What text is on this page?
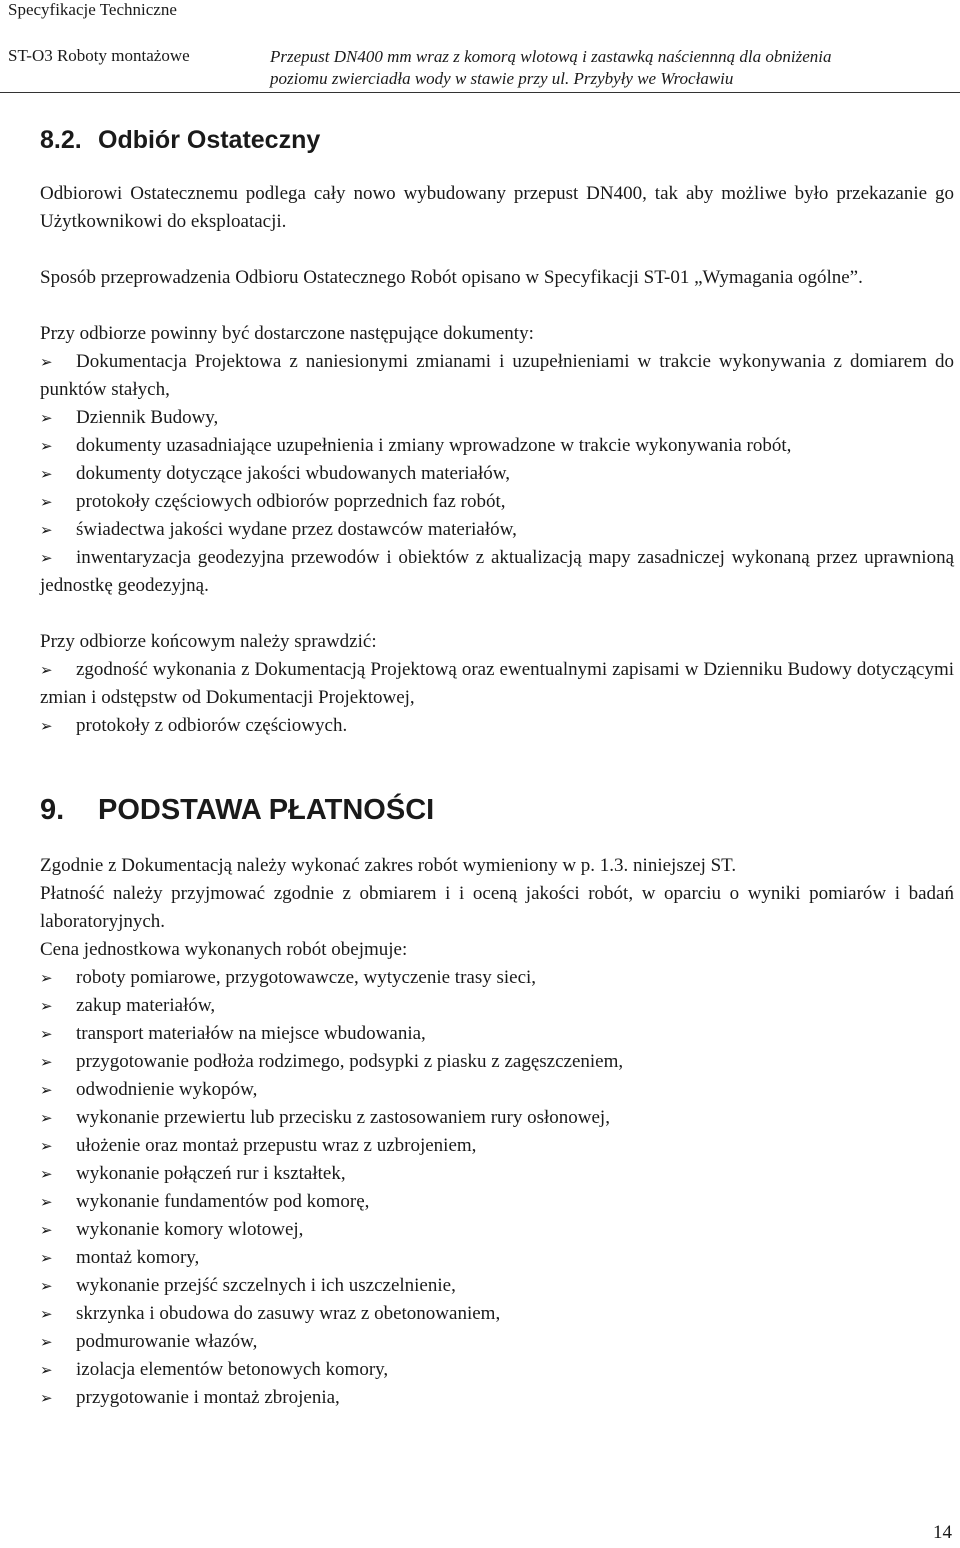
Specyfikacje Techniczne
ST-O3 Roboty montażowe	Przepust DN400 mm wraz z komorą wlotową i zastawką naściennną dla obniżenia
poziomu zwierciadła wody w stawie przy ul. Przybyły we Wrocławiu
8.2. Odbiór Ostateczny

Odbiorowi Ostatecznemu podlega cały nowo wybudowany przepust DN400, tak aby możliwe było przekazanie go Użytkownikowi do eksploatacji.

Sposób przeprowadzenia Odbioru Ostatecznego Robót opisano w Specyfikacji ST-01 „Wymagania ogólne”.

Przy odbiorze powinny być dostarczone następujące dokumenty:

➢ Dokumentacja Projektowa z naniesionymi zmianami i uzupełnieniami w trakcie wykonywania z domiarem do punktów stałych,
➢ Dziennik Budowy,
➢ dokumenty uzasadniające uzupełnienia i zmiany wprowadzone w trakcie wykonywania robót,
➢ dokumenty dotyczące jakości wbudowanych materiałów,
➢ protokoły częściowych odbiorów poprzednich faz robót,
➢ świadectwa jakości wydane przez dostawców materiałów,
➢ inwentaryzacja geodezyjna przewodów i obiektów z aktualizacją mapy zasadniczej wykonaną przez uprawnioną jednostkę geodezyjną.

Przy odbiorze końcowym należy sprawdzić:

➢ zgodność wykonania z Dokumentacją Projektową oraz ewentualnymi zapisami w Dzienniku Budowy dotyczącymi zmian i odstępstw od Dokumentacji Projektowej,
➢ protokoły z odbiorów częściowych.
9. PODSTAWA PŁATNOŚCI

Zgodnie z Dokumentacją należy wykonać zakres robót wymieniony w p. 1.3. niniejszej ST.

Płatność należy przyjmować zgodnie z obmiarem i i oceną jakości robót, w oparciu o wyniki pomiarów i badań laboratoryjnych.

Cena jednostkowa wykonanych robót obejmuje:

➢ roboty pomiarowe, przygotowawcze, wytyczenie trasy sieci,
➢ zakup materiałów,
➢ transport materiałów na miejsce wbudowania,
➢ przygotowanie podłoża rodzimego, podsypki z piasku z zagęszczeniem,
➢ odwodnienie wykopów,
➢ wykonanie przewiertu lub przecisku z zastosowaniem rury osłonowej,
➢ ułożenie oraz montaż przepustu wraz z uzbrojeniem,
➢ wykonanie połączeń rur i kształtek,
➢ wykonanie fundamentów pod komorę,
➢ wykonanie komory wlotowej,
➢ montaż komory,
➢ wykonanie przejść szczelnych i ich uszczelnienie,
➢ skrzynka i obudowa do zasuwy wraz z obetonowaniem,
➢ podmurowanie włazów,
➢ izolacja elementów betonowych komory,
➢ przygotowanie i montaż zbrojenia,
14
